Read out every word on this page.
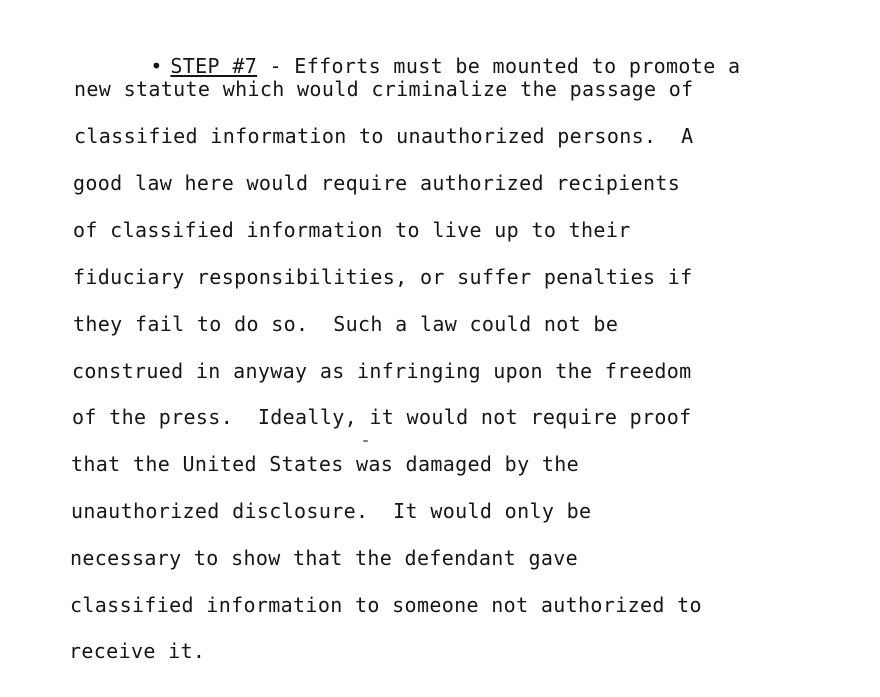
• STEP #7 - Efforts must be mounted to promote a

new statute which would criminalize the passage of
classified information to unauthorized persons.  A
good law here would require authorized recipients
of classified information to live up to their
fiduciary responsibilities, or suffer penalties if
they fail to do so.  Such a law could not be
construed in anyway as infringing upon the freedom
of the press.  Ideally, it would not require proof
that the United States was damaged by the
unauthorized disclosure.  It would only be
necessary to show that the defendant gave
classified information to someone not authorized to
receive it.
